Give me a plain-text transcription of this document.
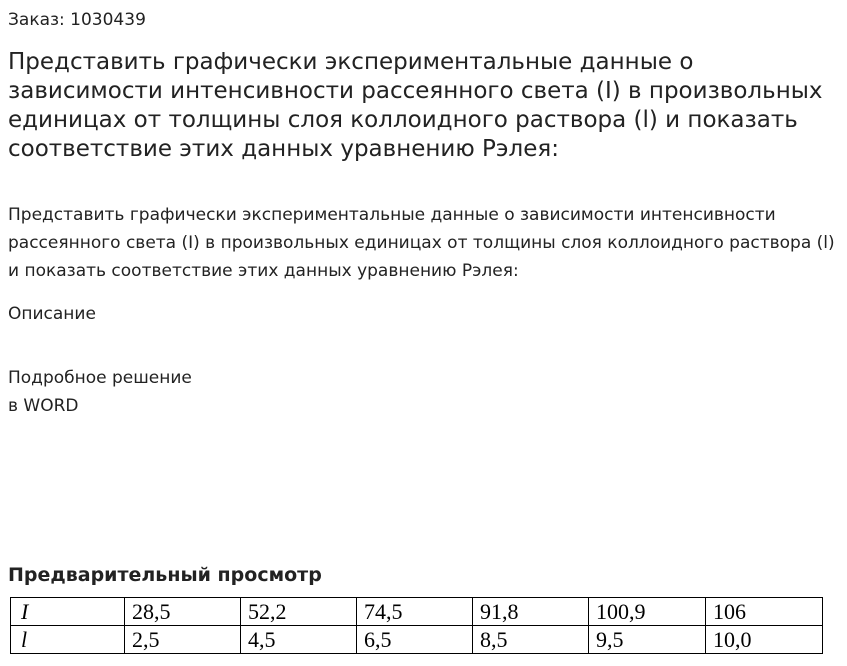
Заказ: 1030439
Представить графически экспериментальные данные о зависимости интенсивности рассеянного света (I) в произвольных единицах от толщины слоя коллоидного раствора (l) и показать соответствие этих данных уравнению Рэлея:

Представить графически экспериментальные данные о зависимости интенсивности рассеянного света (I) в произвольных единицах от толщины слоя коллоидного раствора (l) и показать соответствие этих данных уравнению Рэлея:

Описание
Подробное решение
в WORD
Предварительный просмотр
I	28,5	52,2	74,5	91,8	100,9	106
l	2,5	4,5	6,5	8,5	9,5	10,0
